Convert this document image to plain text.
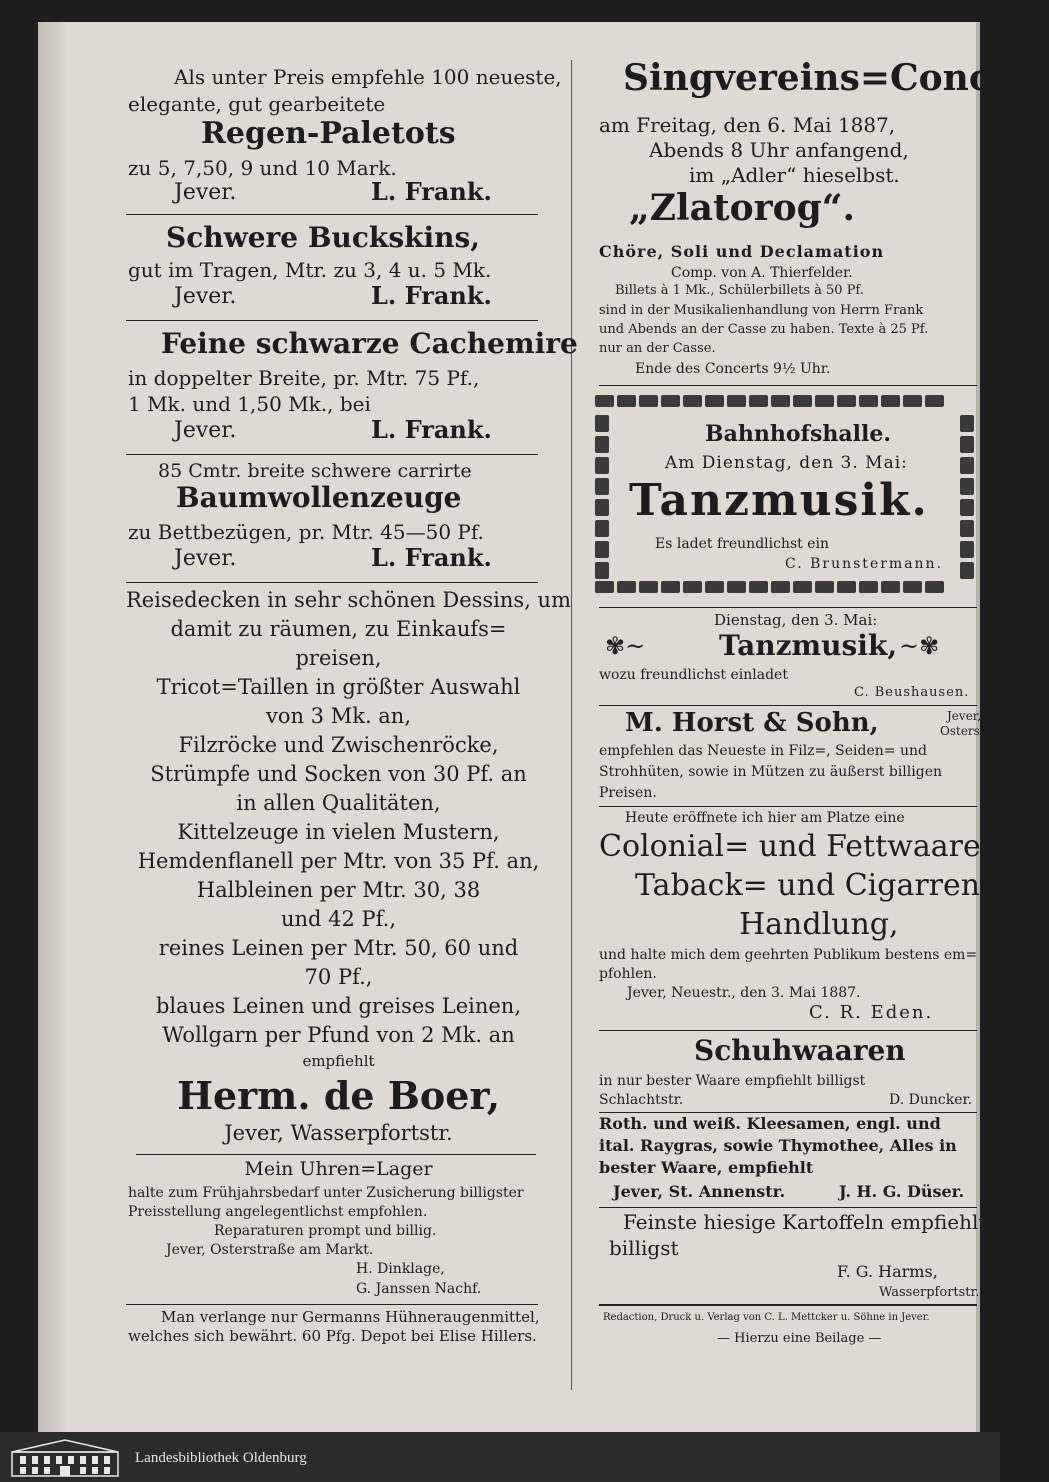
Als unter Preis empfehle 100 neueste,
elegante, gut gearbeitete
Regen-Paletots
zu 5, 7,50, 9 und 10 Mark.
Jever.	L. Frank.
Schwere Buckskins,
gut im Tragen, Mtr. zu 3, 4 u. 5 Mk.
Jever.	L. Frank.
Feine schwarze Cachemire
in doppelter Breite, pr. Mtr. 75 Pf.,
1 Mk. und 1,50 Mk., bei
Jever.	L. Frank.
85 Cmtr. breite schwere carrirte
Baumwollenzeuge
zu Bettbezügen, pr. Mtr. 45—50 Pf.
Jever.	L. Frank.
Reisedecken in sehr schönen Dessins, um
damit zu räumen, zu Einkaufs=
preisen,
Tricot=Taillen in größter Auswahl
von 3 Mk. an,
Filzröcke und Zwischenröcke,
Strümpfe und Socken von 30 Pf. an
in allen Qualitäten,
Kittelzeuge in vielen Mustern,
Hemdenflanell per Mtr. von 35 Pf. an,
Halbleinen per Mtr. 30, 38
und 42 Pf.,
reines Leinen per Mtr. 50, 60 und
70 Pf.,
blaues Leinen und greises Leinen,
Wollgarn per Pfund von 2 Mk. an
empfiehlt
Herm. de Boer,
Jever, Wasserpfortstr.
Mein Uhren=Lager
halte zum Frühjahrsbedarf unter Zusicherung billigster
Preisstellung angelegentlichst empfohlen.
Reparaturen prompt und billig.
Jever, Osterstraße am Markt.
H. Dinklage,
G. Janssen Nachf.
Man verlange nur Germanns Hühneraugenmittel,
welches sich bewährt. 60 Pfg. Depot bei Elise Hillers.
Singvereins=Concert
am Freitag, den 6. Mai 1887,
Abends 8 Uhr anfangend,
im „Adler“ hieselbst.
„Zlatorog“.
Chöre, Soli und Declamation
Comp. von A. Thierfelder.
Billets à 1 Mk., Schülerbillets à 50 Pf.
sind in der Musikalienhandlung von Herrn Frank
und Abends an der Casse zu haben. Texte à 25 Pf.
nur an der Casse.
Ende des Concerts 9½ Uhr.
Bahnhofshalle.
Am Dienstag, den 3. Mai:
Tanzmusik.
Es ladet freundlichst ein
C. Brunstermann.
Dienstag, den 3. Mai:
✾~	Tanzmusik, ~✾
wozu freundlichst einladet
C. Beushausen.
M. Horst & Sohn,	Jever,
Osterstr.
empfehlen das Neueste in Filz=, Seiden= und
Strohhüten, sowie in Mützen zu äußerst billigen
Preisen.
Heute eröffnete ich hier am Platze eine
Colonial= und Fettwaaren=,
Taback= und Cigarren=
Handlung,
und halte mich dem geehrten Publikum bestens em=
pfohlen.
Jever, Neuestr., den 3. Mai 1887.
C. R. Eden.
Schuhwaaren
in nur bester Waare empfiehlt billigst
Schlachtstr.	D. Duncker.
Roth. und weiß. Kleesamen, engl. und
ital. Raygras, sowie Thymothee, Alles in
bester Waare, empfiehlt
Jever, St. Annenstr.	J. H. G. Düser.
Feinste hiesige Kartoffeln empfiehlt
billigst
F. G. Harms,
Wasserpfortstr.
Redaction, Druck u. Verlag von C. L. Mettcker u. Söhne in Jever.
— Hierzu eine Beilage —
Landesbibliothek Oldenburg
